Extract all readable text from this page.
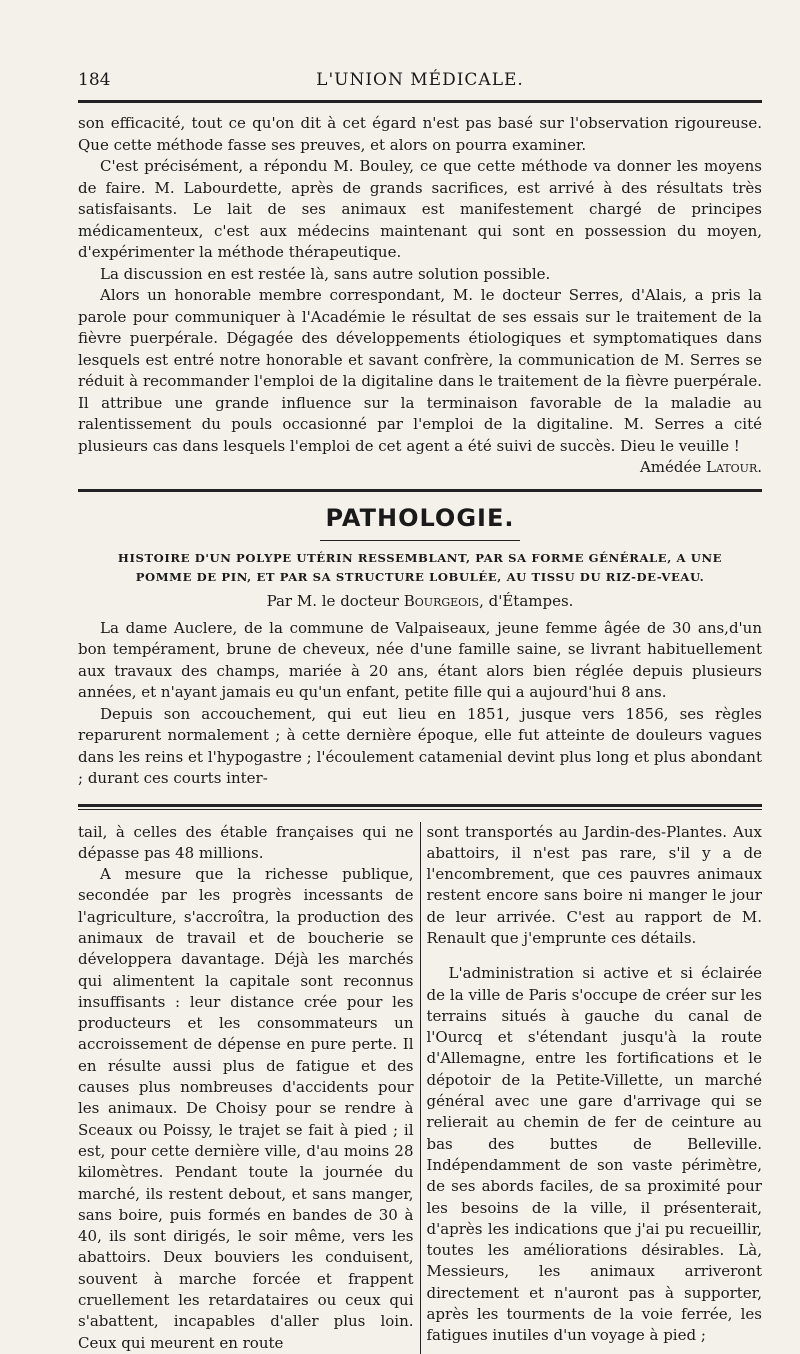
184	L'UNION MÉDICALE.

son efficacité, tout ce qu'on dit à cet égard n'est pas basé sur l'observation rigoureuse. Que cette méthode fasse ses preuves, et alors on pourra examiner.

C'est précisément, a répondu M. Bouley, ce que cette méthode va donner les moyens de faire. M. Labourdette, après de grands sacrifices, est arrivé à des résultats très satisfaisants. Le lait de ses animaux est manifestement chargé de principes médicamenteux, c'est aux médecins maintenant qui sont en possession du moyen, d'expérimenter la méthode thérapeutique.

La discussion en est restée là, sans autre solution possible.

Alors un honorable membre correspondant, M. le docteur Serres, d'Alais, a pris la parole pour communiquer à l'Académie le résultat de ses essais sur le traitement de la fièvre puerpérale. Dégagée des développements étiologiques et symptomatiques dans lesquels est entré notre honorable et savant confrère, la communication de M. Serres se réduit à recommander l'emploi de la digitaline dans le traitement de la fièvre puerpérale. Il attribue une grande influence sur la terminaison favorable de la maladie au ralentissement du pouls occasionné par l'emploi de la digitaline. M. Serres a cité plusieurs cas dans lesquels l'emploi de cet agent a été suivi de succès. Dieu le veuille !

Amédée Latour.

PATHOLOGIE.

HISTOIRE D'UN POLYPE UTÉRIN RESSEMBLANT, PAR SA FORME GÉNÉRALE, A UNE

POMME DE PIN, ET PAR SA STRUCTURE LOBULÉE, AU TISSU DU RIZ-DE-VEAU.

Par M. le docteur Bourgeois, d'Étampes.

La dame Auclere, de la commune de Valpaiseaux, jeune femme âgée de 30 ans,d'un bon tempérament, brune de cheveux, née d'une famille saine, se livrant habituellement aux travaux des champs, mariée à 20 ans, étant alors bien réglée depuis plusieurs années, et n'ayant jamais eu qu'un enfant, petite fille qui a aujourd'hui 8 ans.

Depuis son accouchement, qui eut lieu en 1851, jusque vers 1856, ses règles reparurent normalement ; à cette dernière époque, elle fut atteinte de douleurs vagues dans les reins et l'hypogastre ; l'écoulement catamenial devint plus long et plus abondant ; durant ces courts inter-

tail, à celles des étable françaises qui ne dépasse pas 48 millions.

A mesure que la richesse publique, secondée par les progrès incessants de l'agriculture, s'accroîtra, la production des animaux de travail et de boucherie se développera davantage. Déjà les marchés qui alimentent la capitale sont reconnus insuffisants : leur distance crée pour les producteurs et les consommateurs un accroissement de dépense en pure perte. Il en résulte aussi plus de fatigue et des causes plus nombreuses d'accidents pour les animaux. De Choisy pour se rendre à Sceaux ou Poissy, le trajet se fait à pied ; il est, pour cette dernière ville, d'au moins 28 kilomètres. Pendant toute la journée du marché, ils restent debout, et sans manger, sans boire, puis formés en bandes de 30 à 40, ils sont dirigés, le soir même, vers les abattoirs. Deux bouviers les conduisent, souvent à marche forcée et frappent cruellement les retardataires ou ceux qui s'abattent, incapables d'aller plus loin. Ceux qui meurent en route

sont transportés au Jardin-des-Plantes. Aux abattoirs, il n'est pas rare, s'il y a de l'encombrement, que ces pauvres animaux restent encore sans boire ni manger le jour de leur arrivée. C'est au rapport de M. Renault que j'emprunte ces détails.

L'administration si active et si éclairée de la ville de Paris s'occupe de créer sur les terrains situés à gauche du canal de l'Ourcq et s'étendant jusqu'à la route d'Allemagne, entre les fortifications et le dépotoir de la Petite-Villette, un marché général avec une gare d'arrivage qui se relierait au chemin de fer de ceinture au bas des buttes de Belleville. Indépendamment de son vaste périmètre, de ses abords faciles, de sa proximité pour les besoins de la ville, il présenterait, d'après les indications que j'ai pu recueillir, toutes les améliorations désirables. Là, Messieurs, les animaux arriveront directement et n'auront pas à supporter, après les tourments de la voie ferrée, les fatigues inutiles d'un voyage à pied ;
